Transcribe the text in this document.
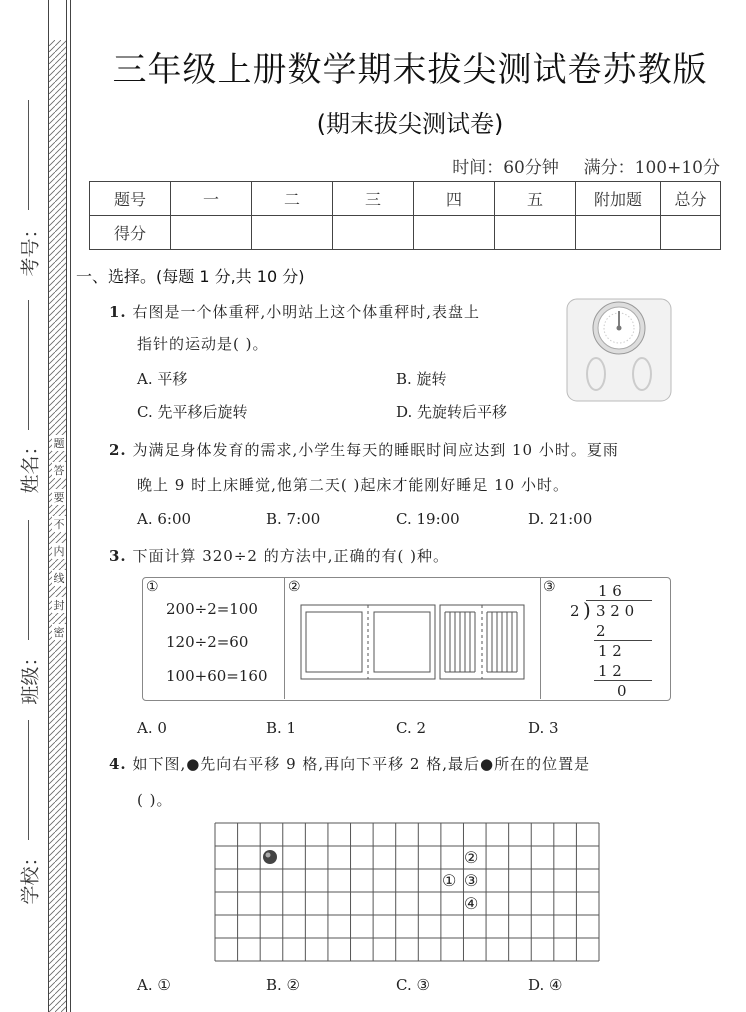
考号：
姓名：
班级：
学校：
题
答
要
不
内
线
封
密
三年级上册数学期末拔尖测试卷苏教版
(期末拔尖测试卷)
时间：60分钟 满分：100+10分
题号	一	二	三	四	五	附加题	总分
得分							
一、选择。(每题 1 分,共 10 分)
1. 右图是一个体重秤,小明站上这个体重秤时,表盘上
指针的运动是( )。
A. 平移	B. 旋转
C. 先平移后旋转	D. 先旋转后平移
2. 为满足身体发育的需求,小学生每天的睡眠时间应达到 10 小时。夏雨
晚上 9 时上床睡觉,他第二天( )起床才能刚好睡足 10 小时。
A. 6:00	B. 7:00	C. 19:00	D. 21:00
3. 下面计算 320÷2 的方法中,正确的有( )种。
①
200÷2=100
120÷2=60
100+60=160
②	③	1 6
2 ) 3 2 0
2
1 2
1 2
0
A. 0	B. 1	C. 2	D. 3
4. 如下图,●先向右平移 9 格,再向下平移 2 格,最后●所在的位置是
( )。
②
① ③
④
A. ①	B. ②	C. ③	D. ④
